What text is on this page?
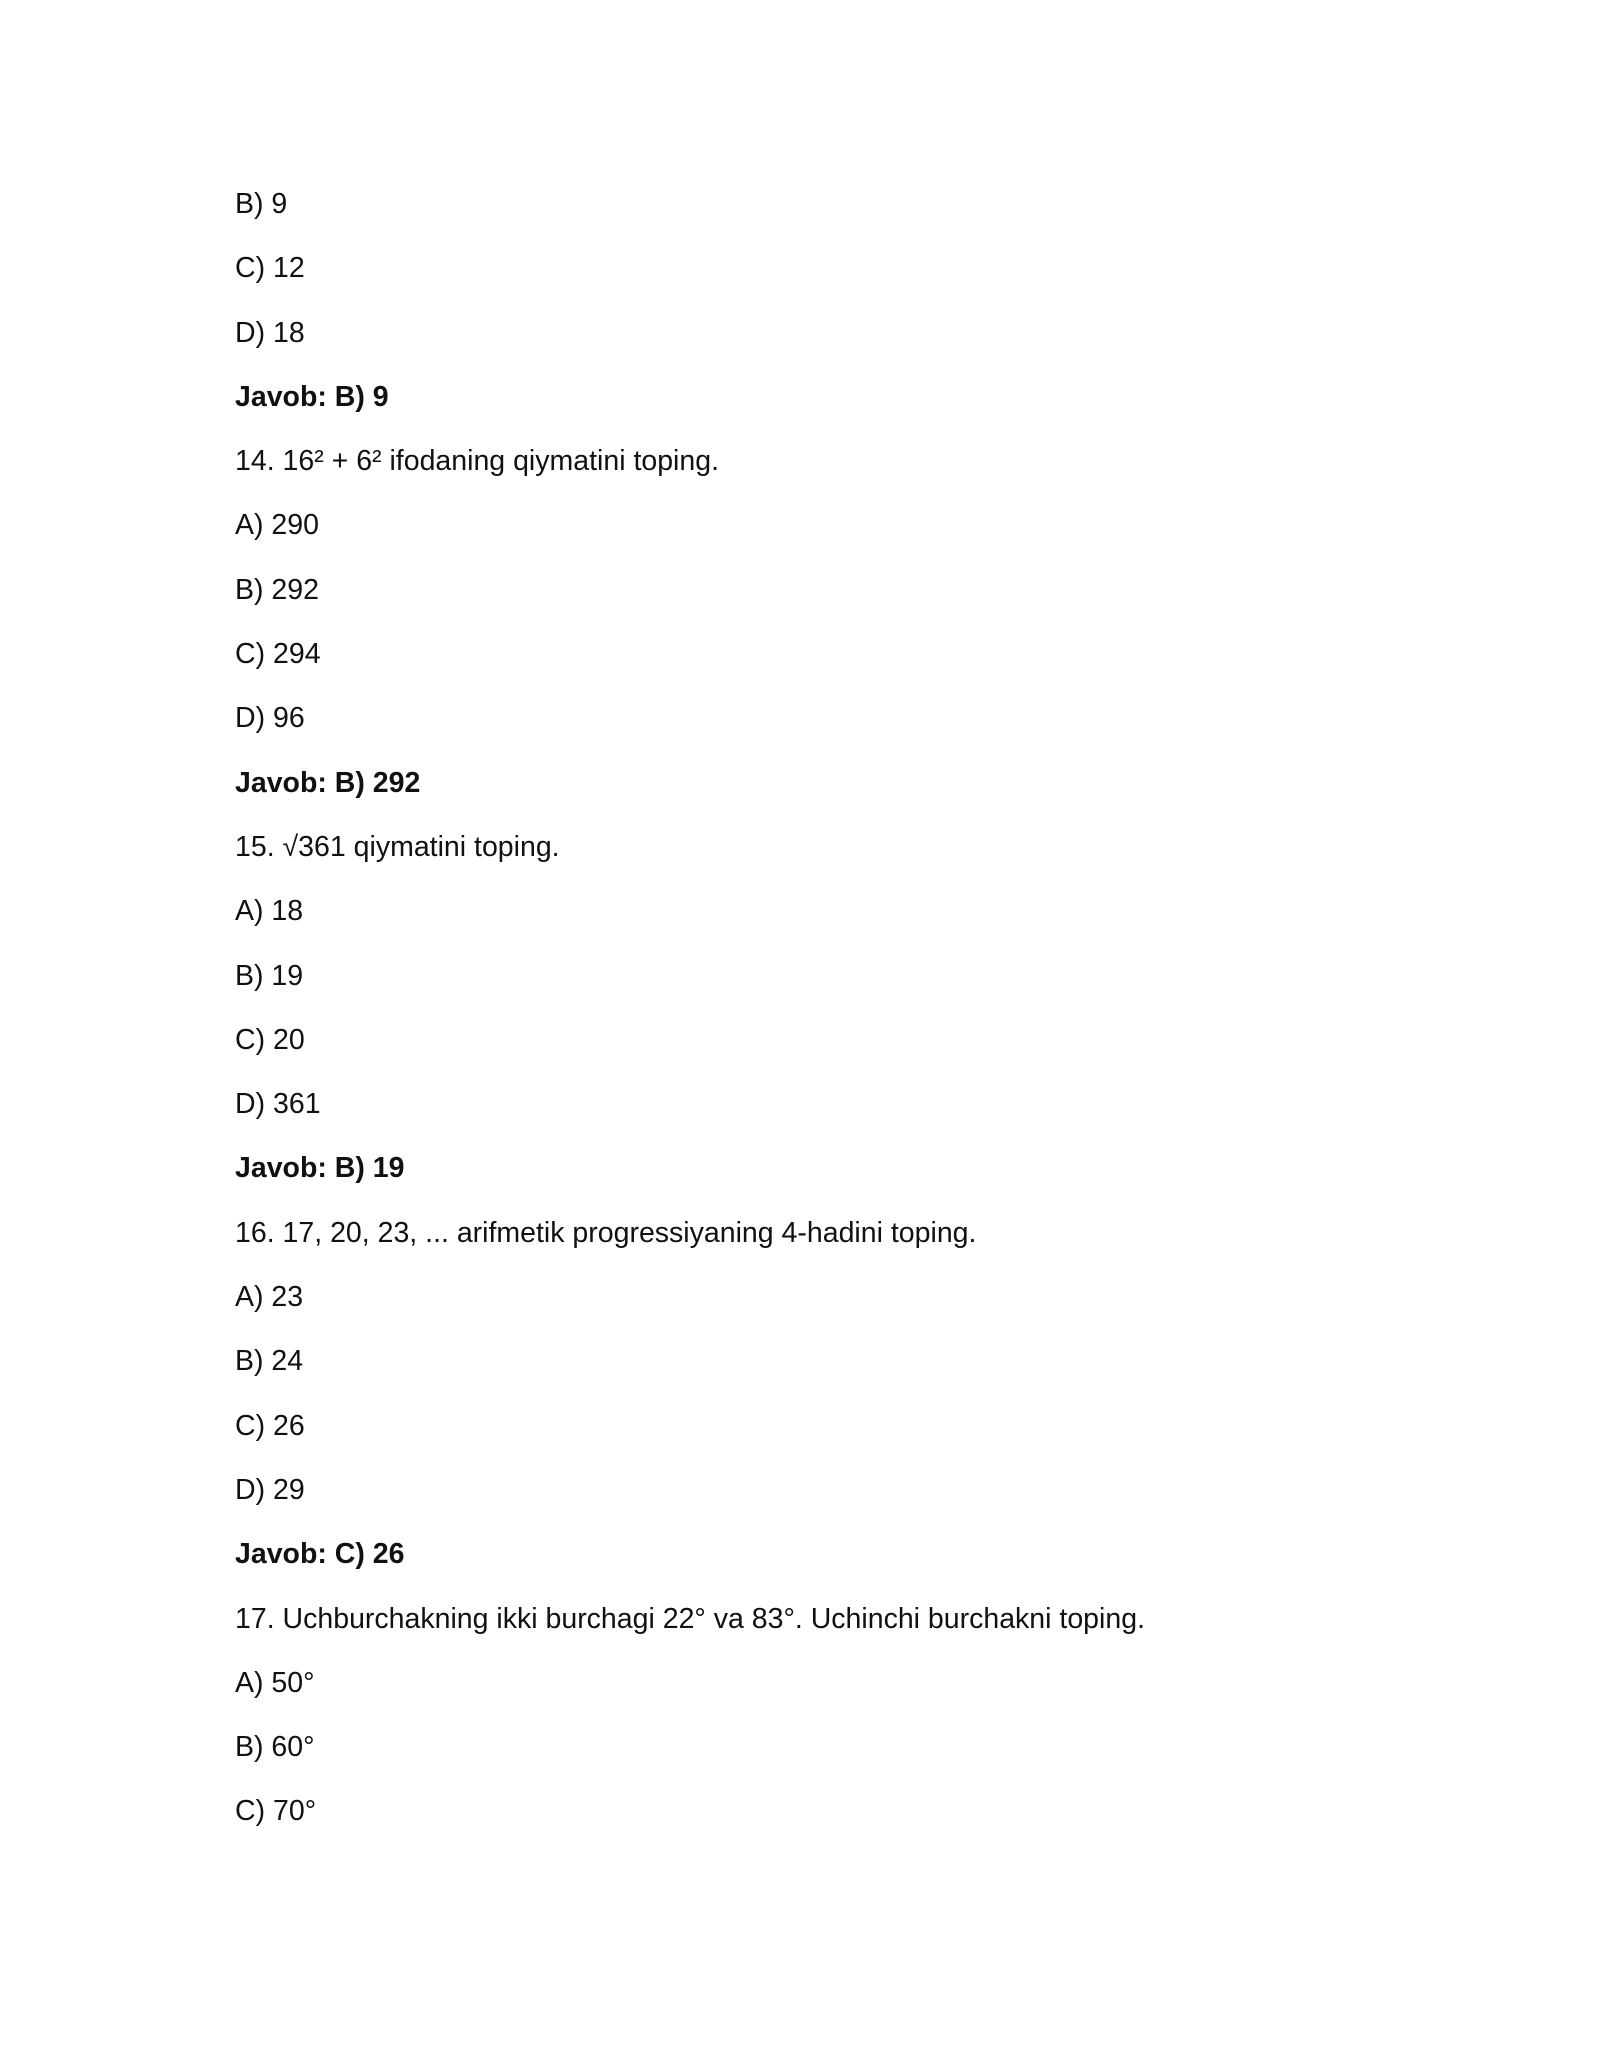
B) 9
C) 12
D) 18
Javob: B) 9
14. 16² + 6² ifodaning qiymatini toping.
A) 290
B) 292
C) 294
D) 96
Javob: B) 292
15. √361 qiymatini toping.
A) 18
B) 19
C) 20
D) 361
Javob: B) 19
16. 17, 20, 23, ... arifmetik progressiyaning 4-hadini toping.
A) 23
B) 24
C) 26
D) 29
Javob: C) 26
17. Uchburchakning ikki burchagi 22° va 83°. Uchinchi burchakni toping.
A) 50°
B) 60°
C) 70°
